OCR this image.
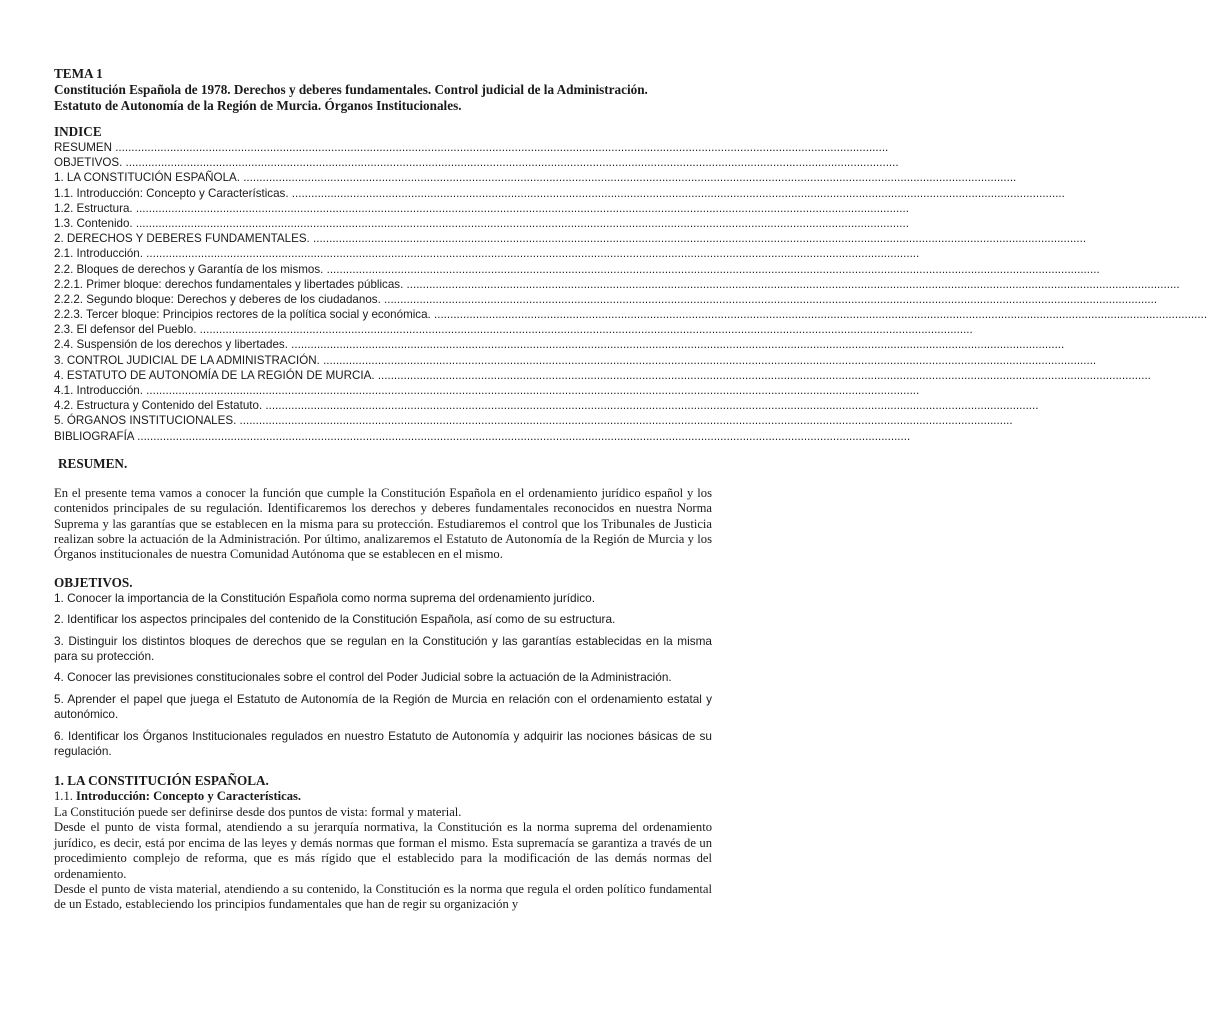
TEMA 1
Constitución Española de 1978. Derechos y deberes fundamentales. Control judicial de la Administración.
Estatuto de Autonomía de la Región de Murcia. Órganos Institucionales.
INDICE
RESUMEN ................................................................................................................................................................................................................................................
OBJETIVOS. ................................................................................................................................................................................................................................................
1. LA CONSTITUCIÓN ESPAÑOLA. ................................................................................................................................................................................................................................................
1.1. Introducción: Concepto y Características. ................................................................................................................................................................................................................................................
1.2. Estructura. ................................................................................................................................................................................................................................................
1.3. Contenido. ................................................................................................................................................................................................................................................
2. DERECHOS Y DEBERES FUNDAMENTALES. ................................................................................................................................................................................................................................................
2.1. Introducción. ................................................................................................................................................................................................................................................
2.2. Bloques de derechos y Garantía de los mismos. ................................................................................................................................................................................................................................................
2.2.1. Primer bloque: derechos fundamentales y libertades públicas. ................................................................................................................................................................................................................................................
2.2.2. Segundo bloque: Derechos y deberes de los ciudadanos. ................................................................................................................................................................................................................................................
2.2.3. Tercer bloque: Principios rectores de la política social y económica. ................................................................................................................................................................................................................................................
2.3. El defensor del Pueblo. ................................................................................................................................................................................................................................................
2.4. Suspensión de los derechos y libertades. ................................................................................................................................................................................................................................................
3. CONTROL JUDICIAL DE LA ADMINISTRACIÓN. ................................................................................................................................................................................................................................................
4. ESTATUTO DE AUTONOMÍA DE LA REGIÓN DE MURCIA. ................................................................................................................................................................................................................................................
4.1. Introducción. ................................................................................................................................................................................................................................................
4.2. Estructura y Contenido del Estatuto. ................................................................................................................................................................................................................................................
5. ÓRGANOS INSTITUCIONALES. ................................................................................................................................................................................................................................................
BIBLIOGRAFÍA ................................................................................................................................................................................................................................................
RESUMEN.

En el presente tema vamos a conocer la función que cumple la Constitución Española en el ordenamiento jurídico español y los contenidos principales de su regulación. Identificaremos los derechos y deberes fundamentales reconocidos en nuestra Norma Suprema y las garantías que se establecen en la misma para su protección. Estudiaremos el control que los Tribunales de Justicia realizan sobre la actuación de la Administración. Por último, analizaremos el Estatuto de Autonomía de la Región de Murcia y los Órganos institucionales de nuestra Comunidad Autónoma que se establecen en el mismo.

OBJETIVOS.

1. Conocer la importancia de la Constitución Española como norma suprema del ordenamiento jurídico.

2. Identificar los aspectos principales del contenido de la Constitución Española, así como de su estructura.

3. Distinguir los distintos bloques de derechos que se regulan en la Constitución y las garantías establecidas en la misma para su protección.

4. Conocer las previsiones constitucionales sobre el control del Poder Judicial sobre la actuación de la Administración.

5. Aprender el papel que juega el Estatuto de Autonomía de la Región de Murcia en relación con el ordenamiento estatal y autonómico.

6. Identificar los Órganos Institucionales regulados en nuestro Estatuto de Autonomía y adquirir las nociones básicas de su regulación.

1. LA CONSTITUCIÓN ESPAÑOLA.
1.1. Introducción: Concepto y Características.

La Constitución puede ser definirse desde dos puntos de vista: formal y material.

Desde el punto de vista formal, atendiendo a su jerarquía normativa, la Constitución es la norma suprema del ordenamiento jurídico, es decir, está por encima de las leyes y demás normas que forman el mismo. Esta supremacía se garantiza a través de un procedimiento complejo de reforma, que es más rígido que el establecido para la modificación de las demás normas del ordenamiento.

Desde el punto de vista material, atendiendo a su contenido, la Constitución es la norma que regula el orden político fundamental de un Estado, estableciendo los principios fundamentales que han de regir su organización y
